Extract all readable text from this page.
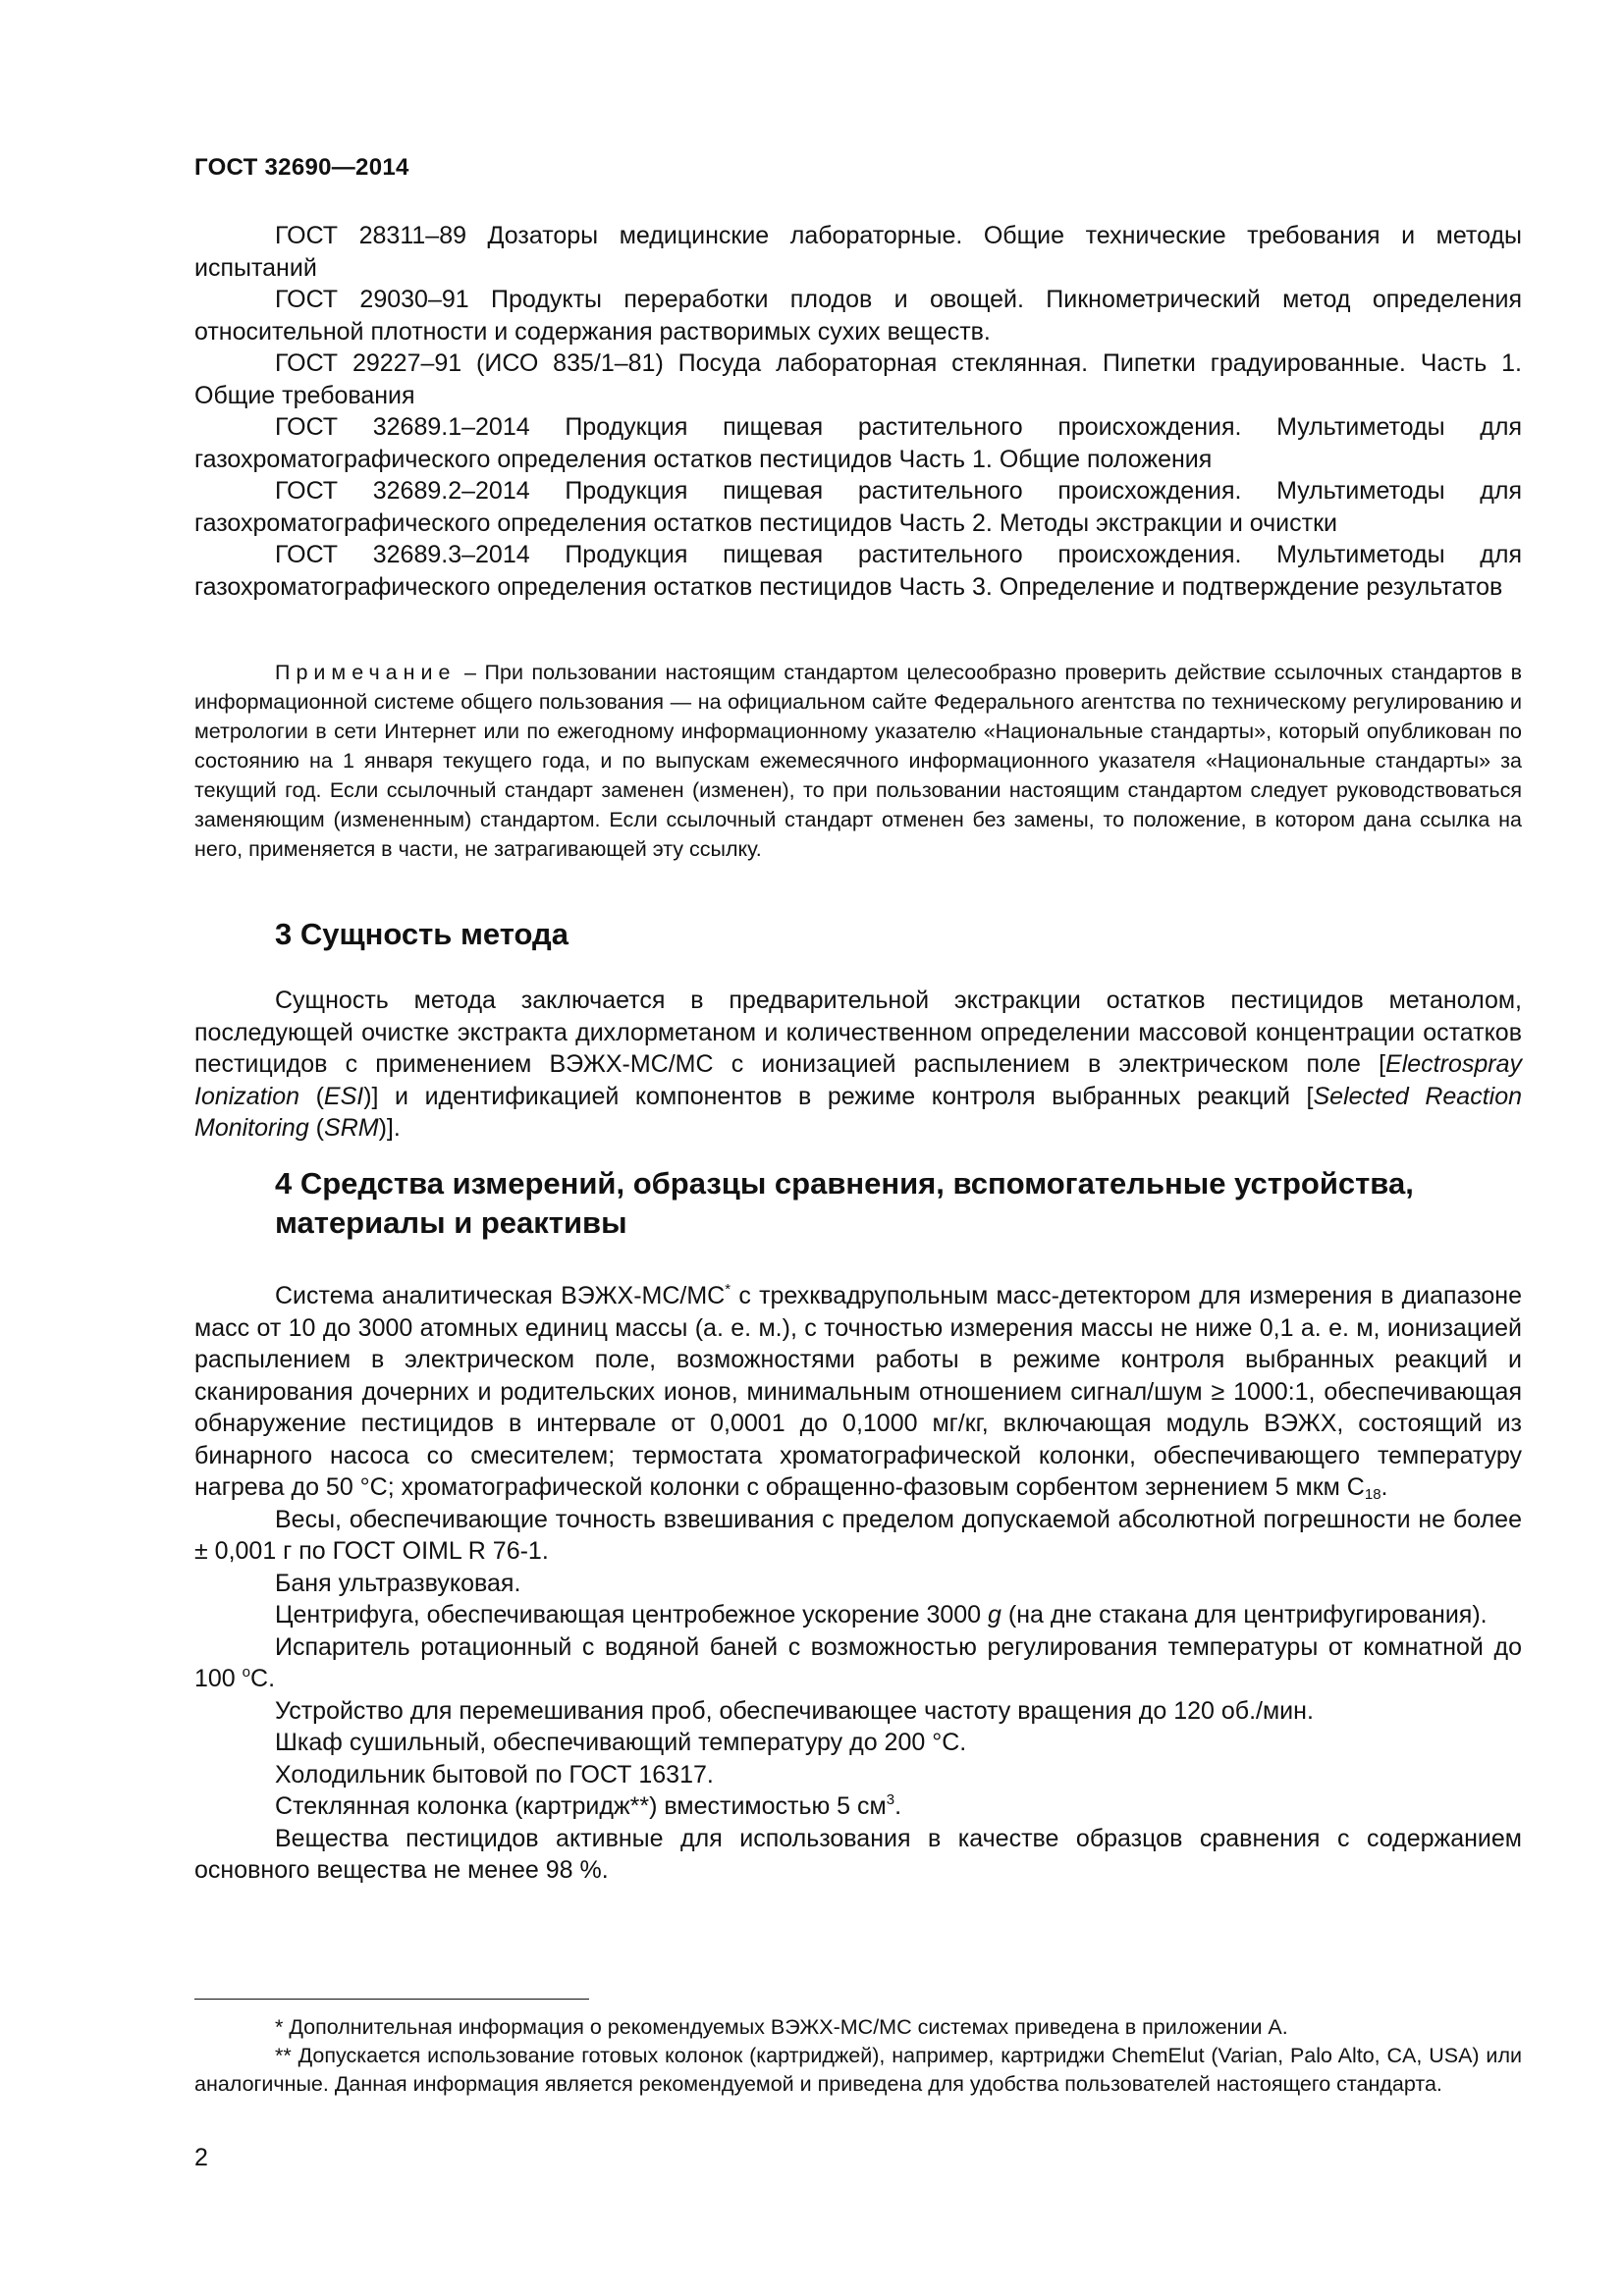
ГОСТ 32690—2014

ГОСТ 28311–89 Дозаторы медицинские лабораторные. Общие технические требования и методы испытаний

ГОСТ 29030–91 Продукты переработки плодов и овощей. Пикнометрический метод определения относительной плотности и содержания растворимых сухих веществ.

ГОСТ 29227–91 (ИСО 835/1–81) Посуда лабораторная стеклянная. Пипетки градуированные. Часть 1. Общие требования

ГОСТ 32689.1–2014 Продукция пищевая растительного происхождения. Мультиметоды для газохроматографического определения остатков пестицидов Часть 1. Общие положения

ГОСТ 32689.2–2014 Продукция пищевая растительного происхождения. Мультиметоды для газохроматографического определения остатков пестицидов Часть 2. Методы экстракции и очистки

ГОСТ 32689.3–2014 Продукция пищевая растительного происхождения. Мультиметоды для газохроматографического определения остатков пестицидов Часть 3. Определение и подтверждение результатов

Примечание – При пользовании настоящим стандартом целесообразно проверить действие ссылочных стандартов в информационной системе общего пользования — на официальном сайте Федерального агентства по техническому регулированию и метрологии в сети Интернет или по ежегодному информационному указателю «Национальные стандарты», который опубликован по состоянию на 1 января текущего года, и по выпускам ежемесячного информационного указателя «Национальные стандарты» за текущий год. Если ссылочный стандарт заменен (изменен), то при пользовании настоящим стандартом следует руководствоваться заменяющим (измененным) стандартом. Если ссылочный стандарт отменен без замены, то положение, в котором дана ссылка на него, применяется в части, не затрагивающей эту ссылку.

3 Сущность метода

Сущность метода заключается в предварительной экстракции остатков пестицидов метанолом, последующей очистке экстракта дихлорметаном и количественном определении массовой концентрации остатков пестицидов с применением ВЭЖХ-МС/МС с ионизацией распылением в электрическом поле [Electrospray Ionization (ESI)] и идентификацией компонентов в режиме контроля выбранных реакций [Selected Reaction Monitoring (SRM)].

4 Средства измерений, образцы сравнения, вспомогательные устройства, материалы и реактивы

Система аналитическая ВЭЖХ-МС/МС* с трехквадрупольным масс-детектором для измерения в диапазоне масс от 10 до 3000 атомных единиц массы (а. е. м.), с точностью измерения массы не ниже 0,1 а. е. м, ионизацией распылением в электрическом поле, возможностями работы в режиме контроля выбранных реакций и сканирования дочерних и родительских ионов, минимальным отношением сигнал/шум ≥ 1000:1, обеспечивающая обнаружение пестицидов в интервале от 0,0001 до 0,1000 мг/кг, включающая модуль ВЭЖХ, состоящий из бинарного насоса со смесителем; термостата хроматографической колонки, обеспечивающего температуру нагрева до 50 °С; хроматографической колонки с обращенно-фазовым сорбентом зернением 5 мкм $С_{18}$.

Весы, обеспечивающие точность взвешивания с пределом допускаемой абсолютной погрешности не более ± 0,001 г по ГОСТ OIML R 76-1.

Баня ультразвуковая.

Центрифуга, обеспечивающая центробежное ускорение 3000 g (на дне стакана для центрифугирования).

Испаритель ротационный с водяной баней с возможностью регулирования температуры от комнатной до 100 $^о$С.

Устройство для перемешивания проб, обеспечивающее частоту вращения до 120 об./мин.

Шкаф сушильный, обеспечивающий температуру до 200 °С.

Холодильник бытовой по ГОСТ 16317.

Стеклянная колонка (картридж**) вместимостью 5 $см^3$.

Вещества пестицидов активные для использования в качестве образцов сравнения с содержанием основного вещества не менее 98 %.

* Дополнительная информация о рекомендуемых ВЭЖХ-МС/МС системах приведена в приложении А.

** Допускается использование готовых колонок (картриджей), например, картриджи ChemElut (Varian, Palo Alto, CA, USA) или аналогичные. Данная информация является рекомендуемой и приведена для удобства пользователей настоящего стандарта.

2
